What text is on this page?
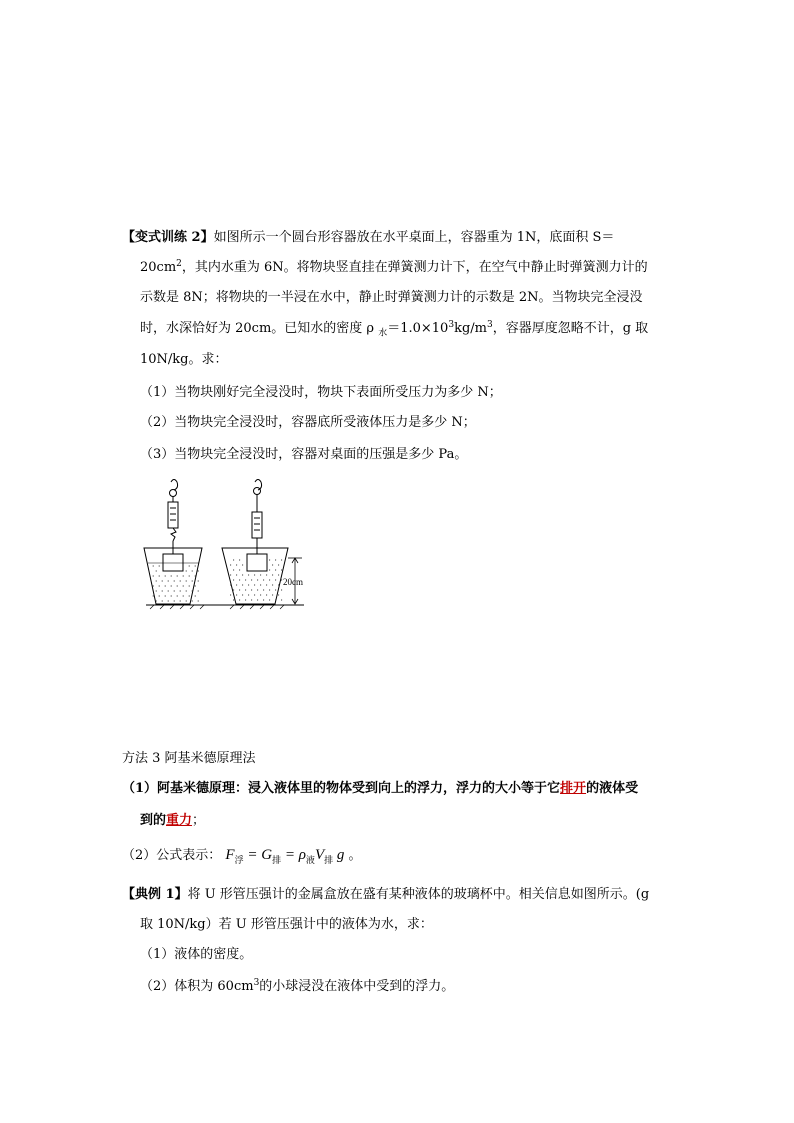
【变式训练 2】如图所示一个圆台形容器放在水平桌面上，容器重为 1N，底面积 S＝
$20cm^2$，其内水重为 6N。将物块竖直挂在弹簧测力计下，在空气中静止时弹簧测力计的
示数是 8N；将物块的一半浸在水中，静止时弹簧测力计的示数是 2N。当物块完全浸没
时，水深恰好为 20cm。已知水的密度 ρ $_水=1.0\times 10^3kg/m^3$，容器厚度忽略不计，g 取
10N/kg。求：
（1）当物块刚好完全浸没时，物块下表面所受压力为多少 N；
（2）当物块完全浸没时，容器底所受液体压力是多少 N；
（3）当物块完全浸没时，容器对桌面的压强是多少 Pa。
20cm
方法 3 阿基米德原理法
（1）阿基米德原理：浸入液体里的物体受到向上的浮力，浮力的大小等于它排开的液体受
到的重力；
（2）公式表示： $F_浮 = G_排 = \rho_液V_排$ g 。
【典例 1】将 U 形管压强计的金属盒放在盛有某种液体的玻璃杯中。相关信息如图所示。(g
取 10N/kg）若 U 形管压强计中的液体为水，求：
（1）液体的密度。
（2）体积为 $60cm^3$的小球浸没在液体中受到的浮力。
